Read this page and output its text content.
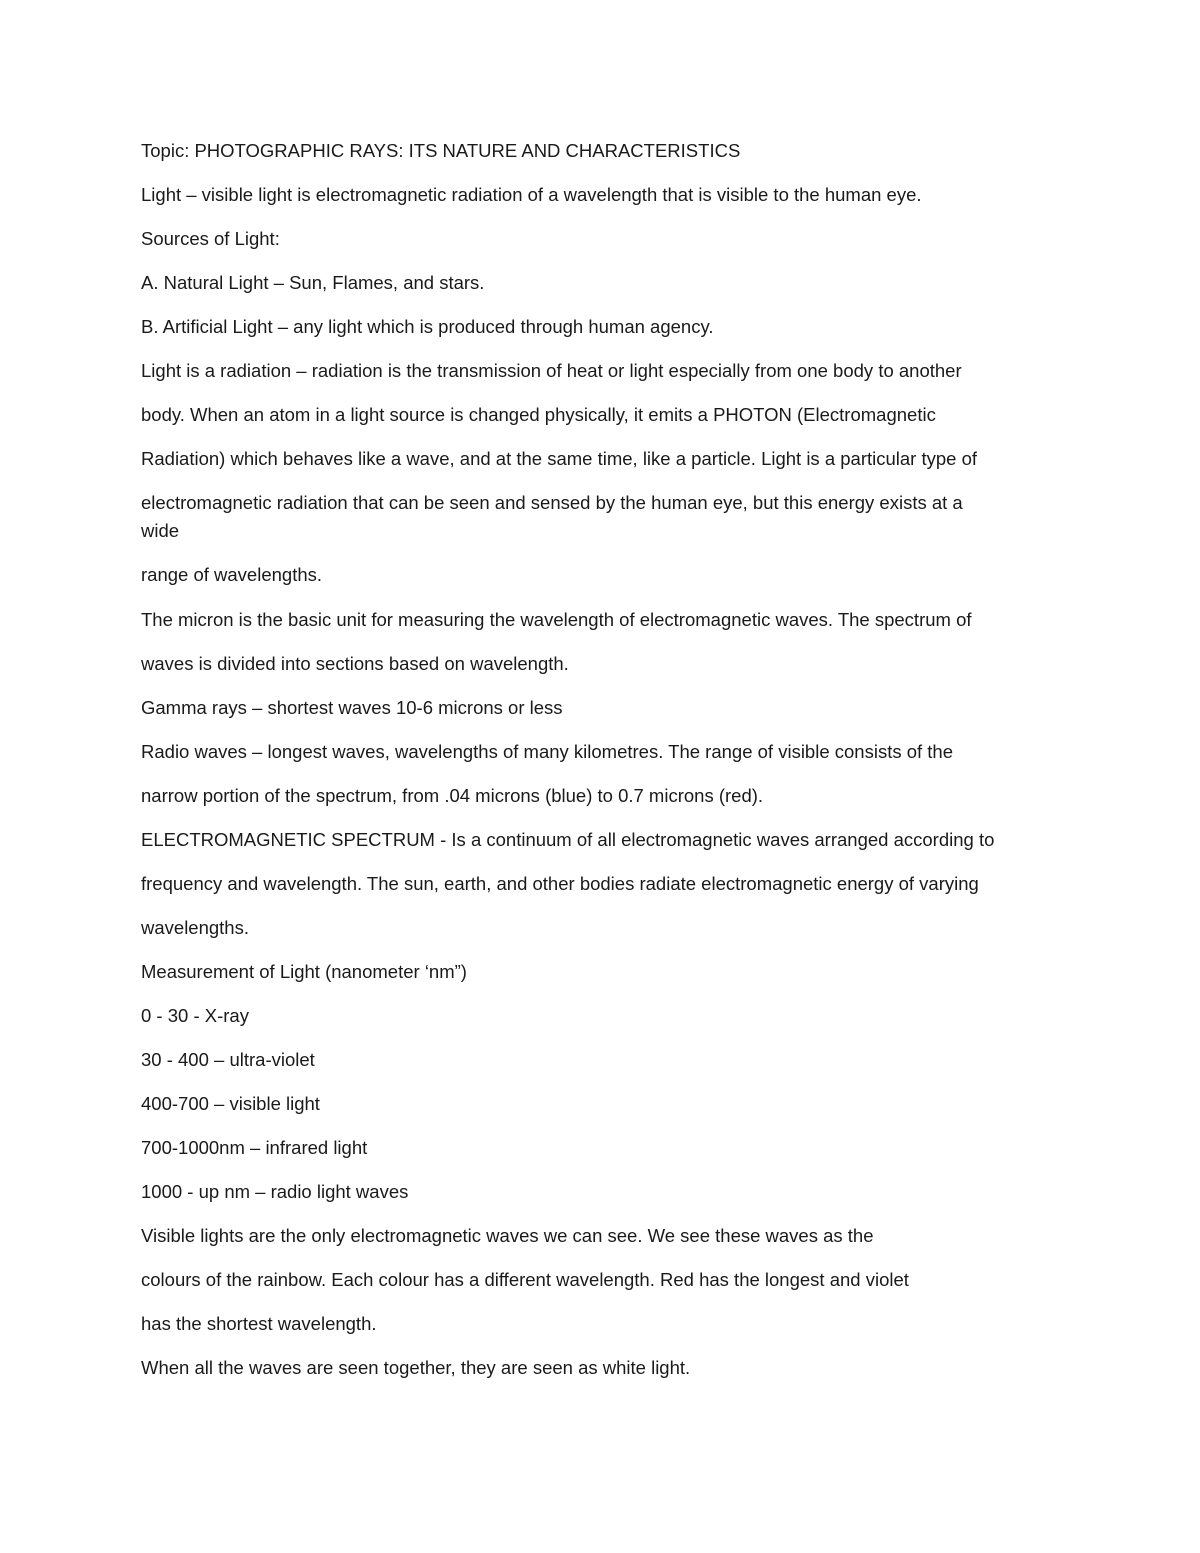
Topic: PHOTOGRAPHIC RAYS: ITS NATURE AND CHARACTERISTICS

Light – visible light is electromagnetic radiation of a wavelength that is visible to the human eye.

Sources of Light:

A. Natural Light – Sun, Flames, and stars.

B. Artificial Light – any light which is produced through human agency.

Light is a radiation – radiation is the transmission of heat or light especially from one body to another

body. When an atom in a light source is changed physically, it emits a PHOTON (Electromagnetic

Radiation) which behaves like a wave, and at the same time, like a particle. Light is a particular type of

electromagnetic radiation that can be seen and sensed by the human eye, but this energy exists at a

wide

range of wavelengths.

The micron is the basic unit for measuring the wavelength of electromagnetic waves. The spectrum of

waves is divided into sections based on wavelength.

Gamma rays – shortest waves 10-6 microns or less

Radio waves – longest waves, wavelengths of many kilometres. The range of visible consists of the

narrow portion of the spectrum, from .04 microns (blue) to 0.7 microns (red).

ELECTROMAGNETIC SPECTRUM - Is a continuum of all electromagnetic waves arranged according to

frequency and wavelength. The sun, earth, and other bodies radiate electromagnetic energy of varying

wavelengths.

Measurement of Light (nanometer ‘nm”)

0 - 30 - X-ray

30 - 400 – ultra-violet

400-700 – visible light

700-1000nm – infrared light

1000 - up nm – radio light waves

Visible lights are the only electromagnetic waves we can see. We see these waves as the

colours of the rainbow. Each colour has a different wavelength. Red has the longest and violet

has the shortest wavelength.

When all the waves are seen together, they are seen as white light.
